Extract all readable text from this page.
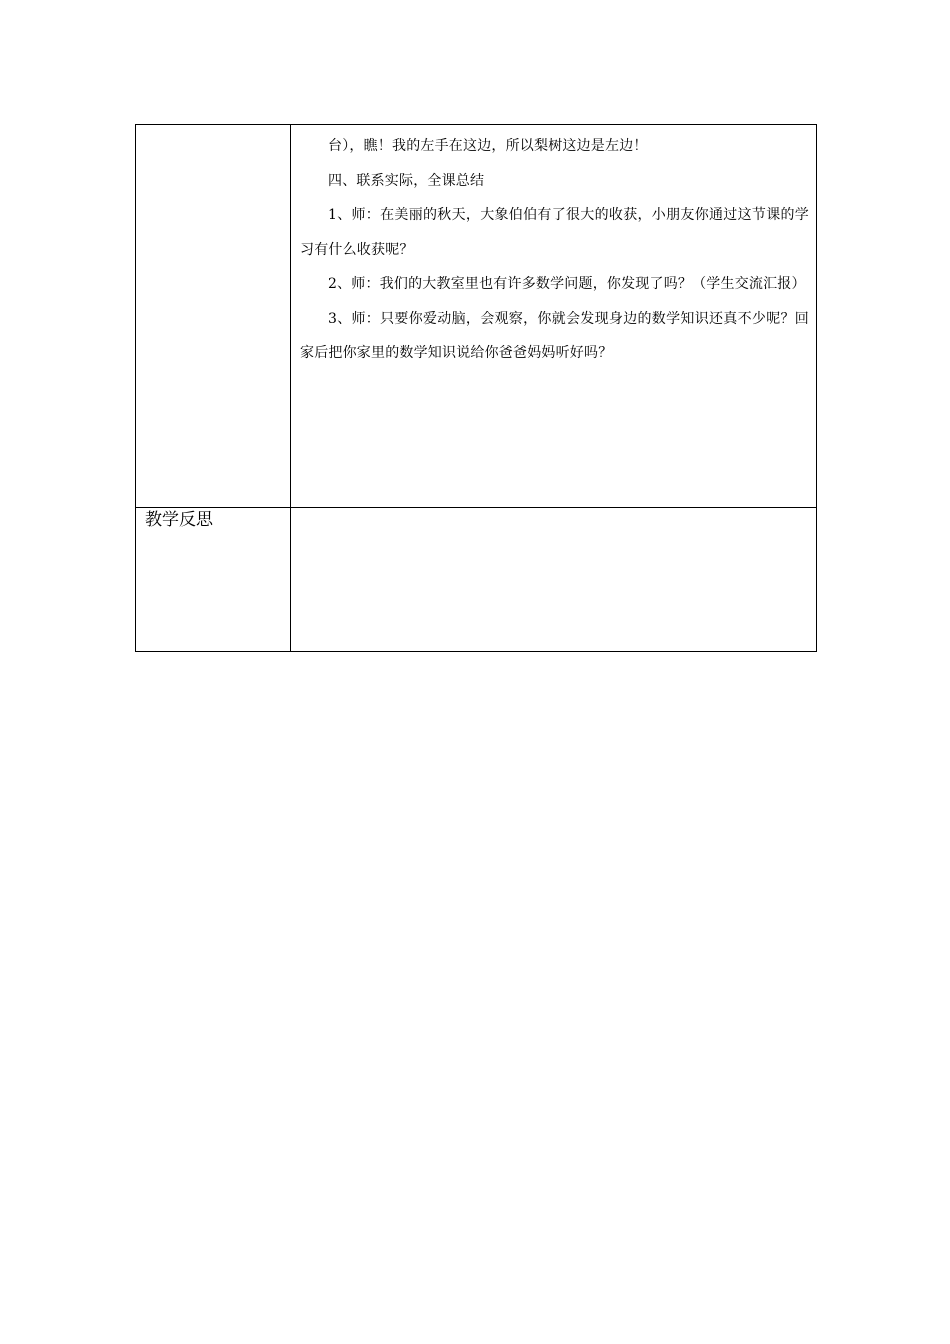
	台），瞧！我的左手在这边，所以梨树这边是左边！

四、联系实际，全课总结

1、师：在美丽的秋天，大象伯伯有了很大的收获，小朋友你通过这节课的学习有什么收获呢？

2、师：我们的大教室里也有许多数学问题，你发现了吗？（学生交流汇报）

3、师：只要你爱动脑，会观察，你就会发现身边的数学知识还真不少呢？回家后把你家里的数学知识说给你爸爸妈妈听好吗？

教学反思	
